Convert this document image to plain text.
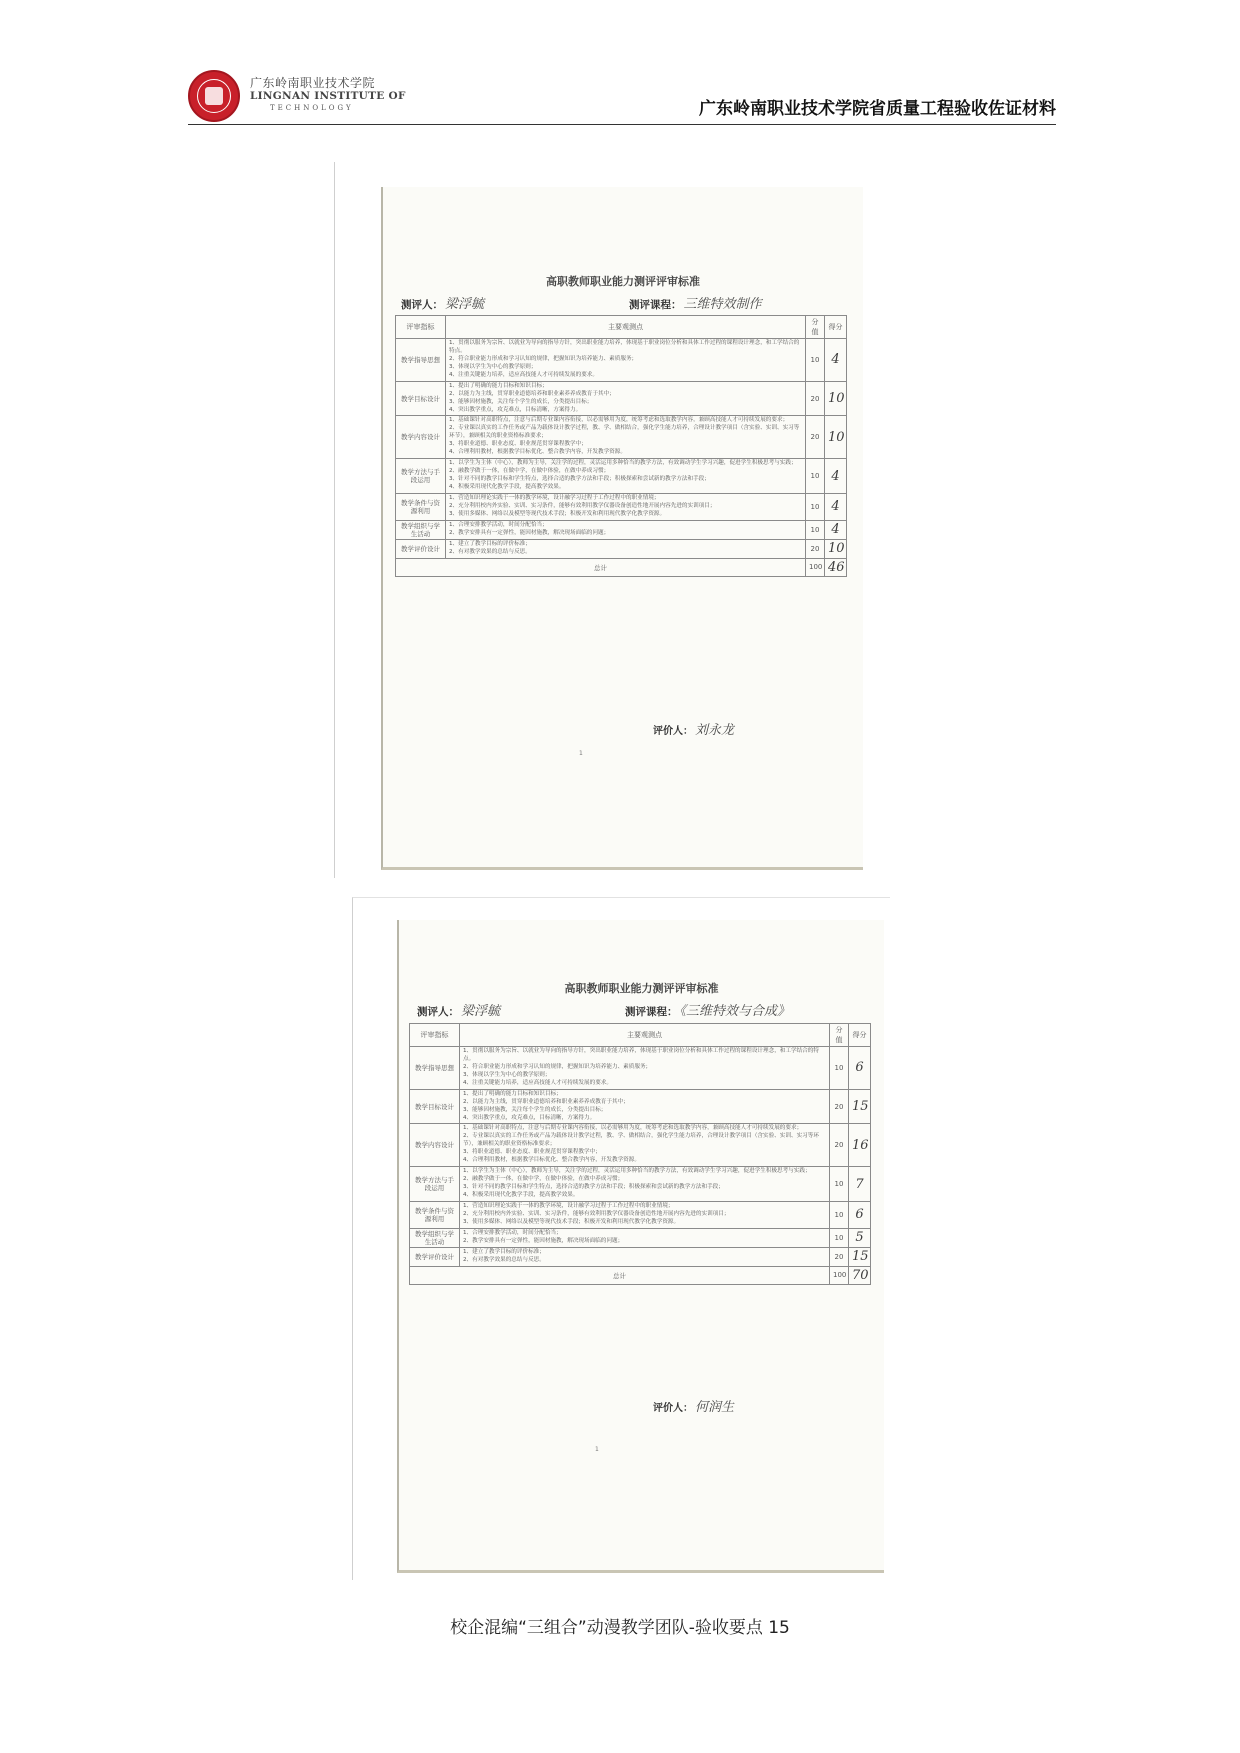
广东岭南职业技术学院
LINGNAN INSTITUTE OF
TECHNOLOGY	广东岭南职业技术学院省质量工程验收佐证材料
高职教师职业能力测评评审标准
测评人： 梁浮毓	测评课程： 三维特效制作
评审指标	主要观测点	分值	得分
教学指导思想	1、贯彻以服务为宗旨、以就业为导向的指导方针，突出职业能力培养，体现基于职业岗位分析和具体工作过程的课程设计理念，和工学结合的特点。
2、符合职业能力形成和学习认知的规律，把握知识为培养能力、素质服务；
3、体现以学生为中心的教学原则；
4、注重关键能力培养，适应高技能人才可持续发展的要求。	10	4
教学目标设计	1、提出了明确的能力目标和知识目标；
2、以能力为主线，贯穿职业道德培养和职业素养养成教育于其中；
3、能够因材施教，关注每个学生的成长，分类提出目标；
4、突出教学重点，攻克难点，目标清晰，方案得力。	20	10
教学内容设计	1、基础课针对高职特点，注意与后期专业课内容衔接，以必需够用为度，统筹考虑和选取教学内容，兼顾高技能人才可持续发展的要求；
2、专业课以真实的工作任务或产品为载体设计教学过程，教、学、做相结合，强化学生能力培养，合理设计教学项目（含实验、实训、实习等环节），兼顾相关的职业资格标准要求；
3、将职业道德、职业态度、职业规范贯穿课程教学中；
4、合理利用教材，根据教学目标优化、整合教学内容，开发教学资源。	20	10
教学方法与手段运用	1、以学生为主体（中心），教师为主导，关注学的过程，灵活运用多种恰当的教学方法，有效调动学生学习兴趣，促进学生积极思考与实践；
2、融教学做于一体，在做中学，在做中体验，在做中养成习惯；
3、针对不同的教学目标和学生特点，选择合适的教学方法和手段；积极探索和尝试新的教学方法和手段；
4、积极采用现代化教学手段，提高教学效果。	10	4
教学条件与资源利用	1、营造知识理论实践于一体的教学环境，设计融学习过程于工作过程中的职业情境；
2、充分利用校内外实验、实训、实习条件，能够有效利用教学仪器设备创造性地开展内容先进的实训项目；
3、使用多媒体、网络以及模型等现代技术手段；积极开发和利用现代教学化教学资源。	10	4
教学组织与学生活动	1、合理安排教学活动，时间分配恰当；
2、教学安排具有一定弹性，能因材施教，解决现场面临的问题；	10	4
教学评价设计	1、建立了教学目标的评价标准；
2、有对教学效果的总结与反思。	20	10
总计		100	46
评价人： 刘永龙
1
高职教师职业能力测评评审标准
测评人： 梁浮毓	测评课程： 《三维特效与合成》
评审指标	主要观测点	分值	得分
教学指导思想	1、贯彻以服务为宗旨、以就业为导向的指导方针，突出职业能力培养，体现基于职业岗位分析和具体工作过程的课程设计理念，和工学结合的特点。
2、符合职业能力形成和学习认知的规律，把握知识为培养能力、素质服务；
3、体现以学生为中心的教学原则；
4、注重关键能力培养，适应高技能人才可持续发展的要求。	10	6
教学目标设计	1、提出了明确的能力目标和知识目标；
2、以能力为主线，贯穿职业道德培养和职业素养养成教育于其中；
3、能够因材施教，关注每个学生的成长，分类提出目标；
4、突出教学重点，攻克难点，目标清晰，方案得力。	20	15
教学内容设计	1、基础课针对高职特点，注意与后期专业课内容衔接，以必需够用为度，统筹考虑和选取教学内容，兼顾高技能人才可持续发展的要求；
2、专业课以真实的工作任务或产品为载体设计教学过程，教、学、做相结合，强化学生能力培养，合理设计教学项目（含实验、实训、实习等环节），兼顾相关的职业资格标准要求；
3、将职业道德、职业态度、职业规范贯穿课程教学中；
4、合理利用教材，根据教学目标优化、整合教学内容，开发教学资源。	20	16
教学方法与手段运用	1、以学生为主体（中心），教师为主导，关注学的过程，灵活运用多种恰当的教学方法，有效调动学生学习兴趣，促进学生积极思考与实践；
2、融教学做于一体，在做中学，在做中体验，在做中养成习惯；
3、针对不同的教学目标和学生特点，选择合适的教学方法和手段；积极探索和尝试新的教学方法和手段；
4、积极采用现代化教学手段，提高教学效果。	10	7
教学条件与资源利用	1、营造知识理论实践于一体的教学环境，设计融学习过程于工作过程中的职业情境；
2、充分利用校内外实验、实训、实习条件，能够有效利用教学仪器设备创造性地开展内容先进的实训项目；
3、使用多媒体、网络以及模型等现代技术手段；积极开发和利用现代教学化教学资源。	10	6
教学组织与学生活动	1、合理安排教学活动，时间分配恰当；
2、教学安排具有一定弹性，能因材施教，解决现场面临的问题；	10	5
教学评价设计	1、建立了教学目标的评价标准；
2、有对教学效果的总结与反思。	20	15
总计		100	70
评价人： 何润生
1
校企混编“三组合”动漫教学团队-验收要点 15
